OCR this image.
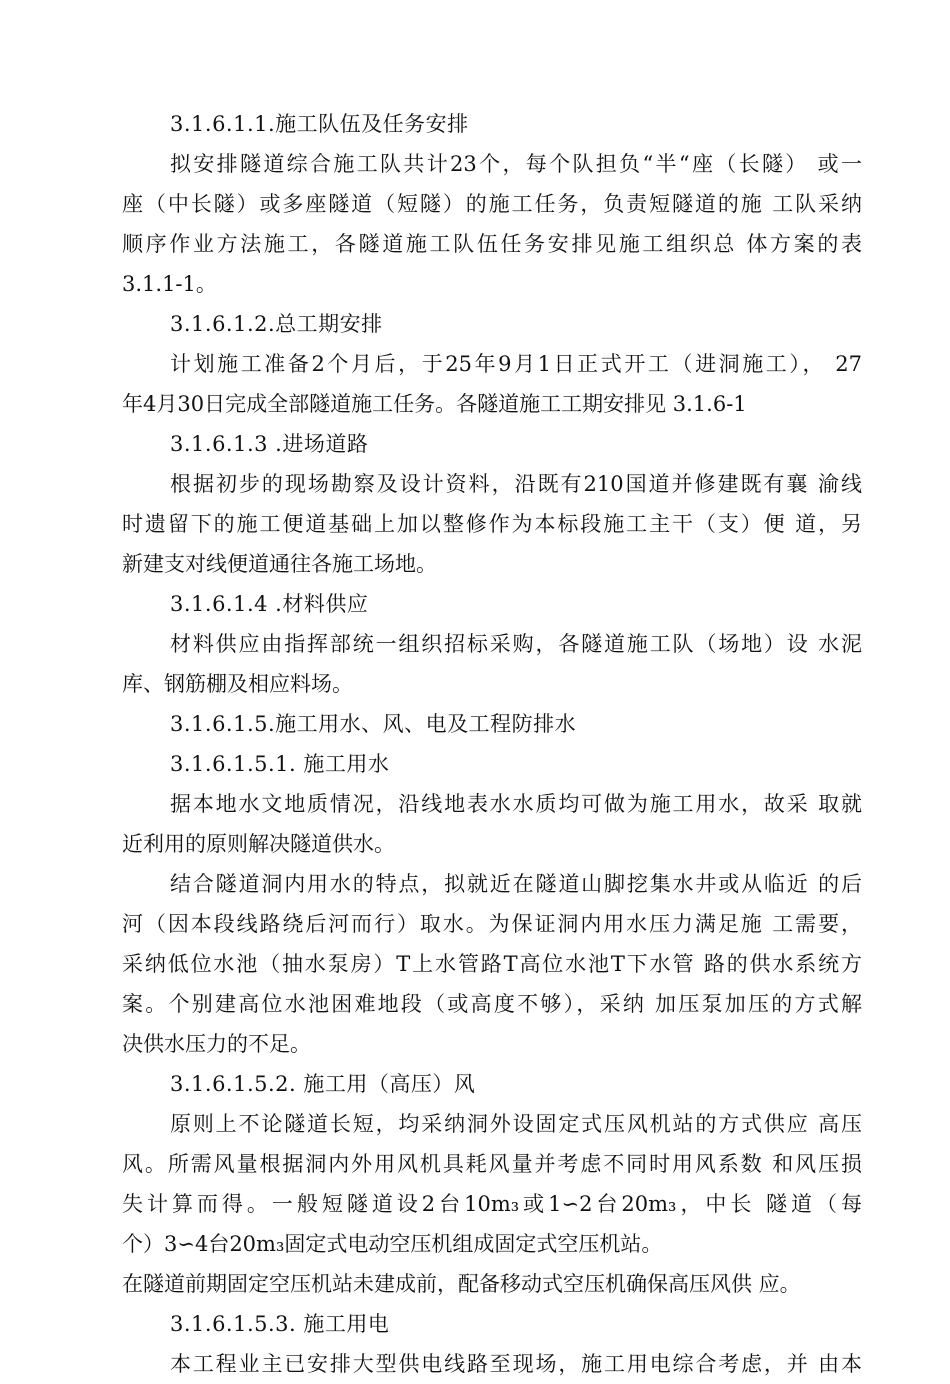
3.1.6.1.1.施工队伍及任务安排
拟安排隧道综合施工队共计23个，每个队担负“半“座（长隧） 或一
座（中长隧）或多座隧道（短隧）的施工任务，负责短隧道的施 工队采纳
顺序作业方法施工，各隧道施工队伍任务安排见施工组织总 体方案的表
3.1.1-1。
3.1.6.1.2.总工期安排
计划施工准备2个月后，于25年9月1日正式开工（进洞施工）， 27
年4月30日完成全部隧道施工任务。各隧道施工工期安排见 3.1.6-1
3.1.6.1.3 .进场道路
根据初步的现场勘察及设计资料，沿既有210国道并修建既有襄 渝线
时遗留下的施工便道基础上加以整修作为本标段施工主干（支）便 道，另
新建支对线便道通往各施工场地。
3.1.6.1.4 .材料供应
材料供应由指挥部统一组织招标采购，各隧道施工队（场地）设 水泥
库、钢筋棚及相应料场。
3.1.6.1.5.施工用水、风、电及工程防排水
3.1.6.1.5.1. 施工用水
据本地水文地质情况，沿线地表水水质均可做为施工用水，故采 取就
近利用的原则解决隧道供水。
结合隧道洞内用水的特点，拟就近在隧道山脚挖集水井或从临近 的后
河（因本段线路绕后河而行）取水。为保证洞内用水压力满足施 工需要，
采纳低位水池（抽水泵房）T上水管路T高位水池T下水管 路的供水系统方
案。个别建高位水池困难地段（或高度不够），采纳 加压泵加压的方式解
决供水压力的不足。
3.1.6.1.5.2. 施工用（高压）风
原则上不论隧道长短，均采纳洞外设固定式压风机站的方式供应 高压
风。所需风量根据洞内外用风机具耗风量并考虑不同时用风系数 和风压损
失计算而得。一般短隧道设2台10m₃或1∽2台20m₃，中长 隧道（每
个）3∽4台20m₃固定式电动空压机组成固定式空压机站。
在隧道前期固定空压机站未建成前，配备移动式空压机确保高压风供 应。
3.1.6.1.5.3. 施工用电
本工程业主已安排大型供电线路至现场，施工用电综合考虑，并 由本
